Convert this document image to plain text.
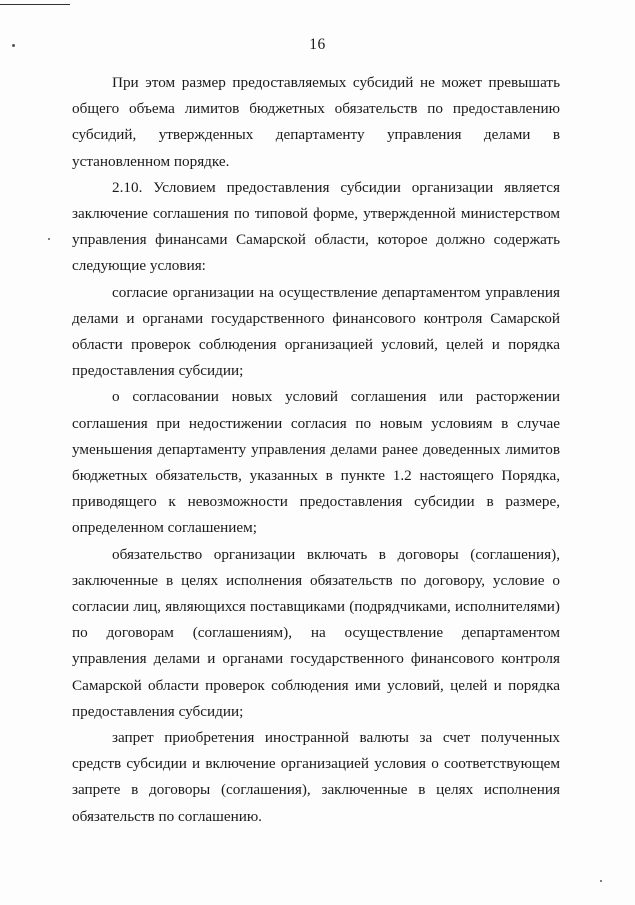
16

При этом размер предоставляемых субсидий не может превышать общего объема лимитов бюджетных обязательств по предоставлению субсидий, утвержденных департаменту управления делами в установленном порядке.

2.10. Условием предоставления субсидии организации является заключение соглашения по типовой форме, утвержденной министерством управления финансами Самарской области, которое должно содержать следующие условия:

согласие организации на осуществление департаментом управления делами и органами государственного финансового контроля Самарской области проверок соблюдения организацией условий, целей и порядка предоставления субсидии;

о согласовании новых условий соглашения или расторжении соглашения при недостижении согласия по новым условиям в случае уменьшения департаменту управления делами ранее доведенных лимитов бюджетных обязательств, указанных в пункте 1.2 настоящего Порядка, приводящего к невозможности предоставления субсидии в размере, определенном соглашением;

обязательство организации включать в договоры (соглашения), заключенные в целях исполнения обязательств по договору, условие о согласии лиц, являющихся поставщиками (подрядчиками, исполнителями) по договорам (соглашениям), на осуществление департаментом управления делами и органами государственного финансового контроля Самарской области проверок соблюдения ими условий, целей и порядка предоставления субсидии;

запрет приобретения иностранной валюты за счет полученных средств субсидии и включение организацией условия о соответствующем запрете в договоры (соглашения), заключенные в целях исполнения обязательств по соглашению.
